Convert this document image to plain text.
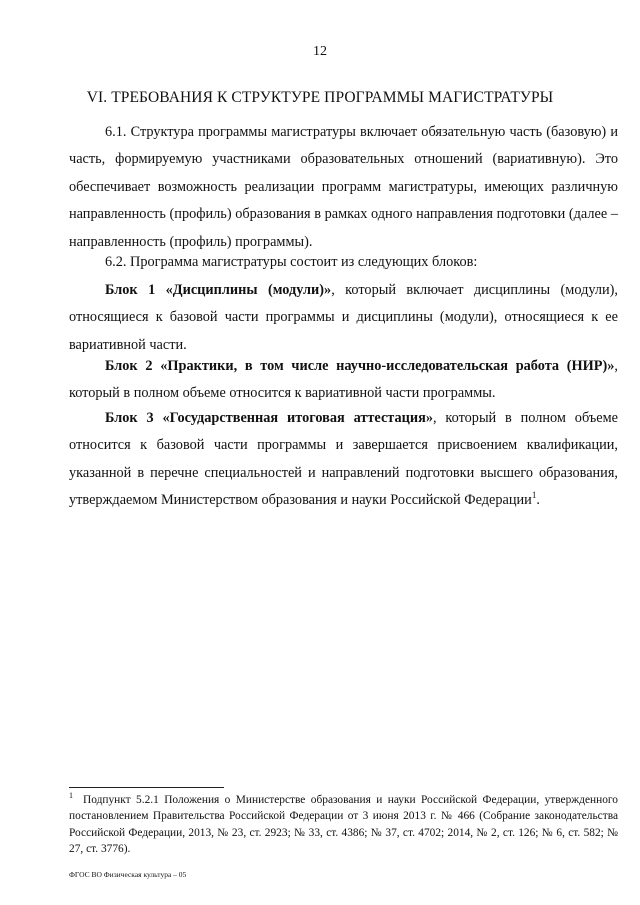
12
VI. ТРЕБОВАНИЯ К СТРУКТУРЕ ПРОГРАММЫ МАГИСТРАТУРЫ
6.1. Структура программы магистратуры включает обязательную часть (базовую) и часть, формируемую участниками образовательных отношений (вариативную). Это обеспечивает возможность реализации программ магистратуры, имеющих различную направленность (профиль) образования в рамках одного направления подготовки (далее – направленность (профиль) программы).
6.2. Программа магистратуры состоит из следующих блоков:
Блок 1 «Дисциплины (модули)», который включает дисциплины (модули), относящиеся к базовой части программы и дисциплины (модули), относящиеся к ее вариативной части.
Блок 2 «Практики, в том числе научно-исследовательская работа (НИР)», который в полном объеме относится к вариативной части программы.
Блок 3 «Государственная итоговая аттестация», который в полном объеме относится к базовой части программы и завершается присвоением квалификации, указанной в перечне специальностей и направлений подготовки высшего образования, утверждаемом Министерством образования и науки Российской Федерации$^1$.
$^1$ Подпункт 5.2.1 Положения о Министерстве образования и науки Российской Федерации, утвержденного постановлением Правительства Российской Федерации от 3 июня 2013 г. № 466 (Собрание законодательства Российской Федерации, 2013, № 23, ст. 2923; № 33, ст. 4386; № 37, ст. 4702; 2014, № 2, ст. 126; № 6, ст. 582; № 27, ст. 3776).
ФГОС ВО Физическая культура – 05
